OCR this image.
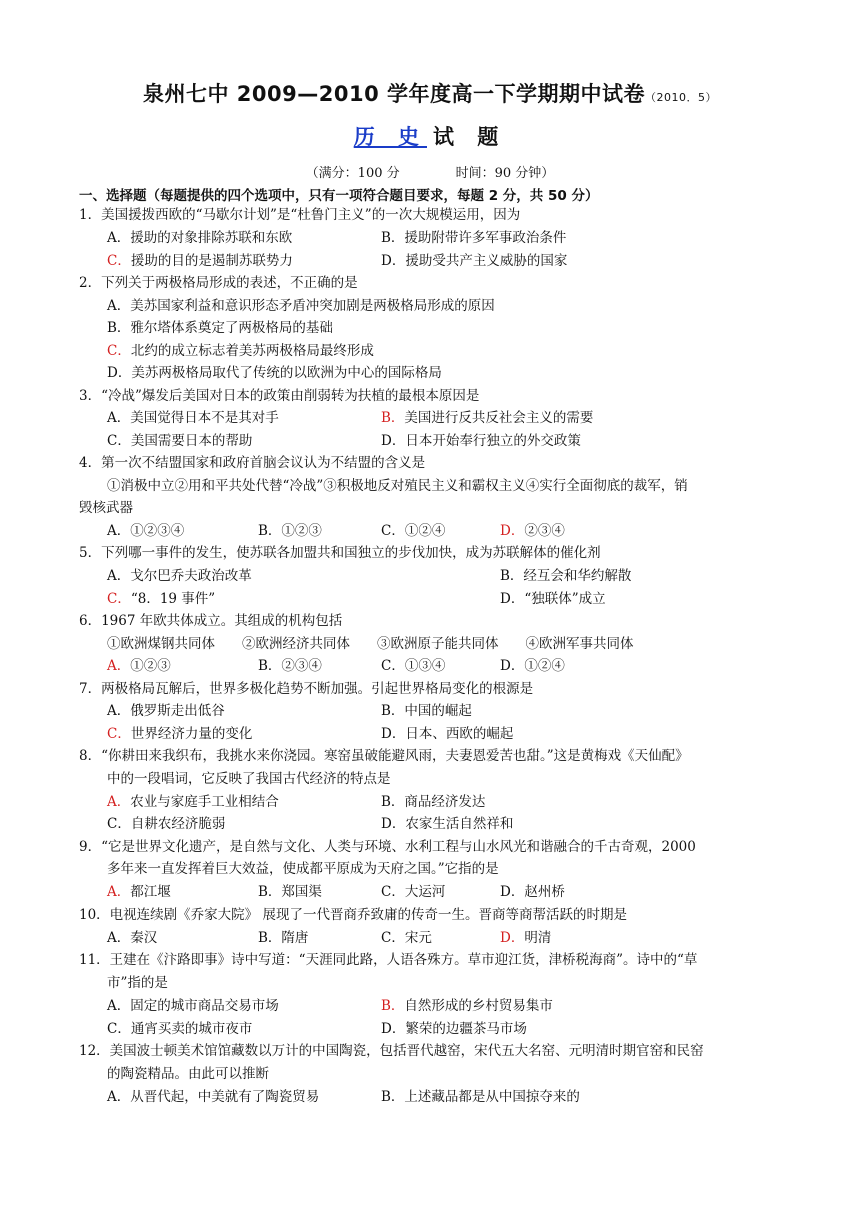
泉州七中 2009—2010 学年度高一下学期期中试卷（2010．5）
历 史 试 题
（满分：100 分	时间：90 分钟）
一、选择题（每题提供的四个选项中，只有一项符合题目要求，每题 2 分，共 50 分）
1．美国援拨西欧的“马歇尔计划”是“杜鲁门主义”的一次大规模运用，因为
A．援助的对象排除苏联和东欧	B．援助附带许多军事政治条件
C．援助的目的是遏制苏联势力	D．援助受共产主义威胁的国家
2．下列关于两极格局形成的表述，不正确的是
A．美苏国家利益和意识形态矛盾冲突加剧是两极格局形成的原因
B．雅尔塔体系奠定了两极格局的基础
C．北约的成立标志着美苏两极格局最终形成
D．美苏两极格局取代了传统的以欧洲为中心的国际格局
3．“冷战”爆发后美国对日本的政策由削弱转为扶植的最根本原因是
A．美国觉得日本不是其对手	B．美国进行反共反社会主义的需要
C．美国需要日本的帮助	D．日本开始奉行独立的外交政策
4．第一次不结盟国家和政府首脑会议认为不结盟的含义是
①消极中立②用和平共处代替“冷战”③积极地反对殖民主义和霸权主义④实行全面彻底的裁军，销
毁核武器
A．①②③④	B．①②③	C．①②④	D．②③④
5．下列哪一事件的发生，使苏联各加盟共和国独立的步伐加快，成为苏联解体的催化剂
A．戈尔巴乔夫政治改革	B．经互会和华约解散
C．“8．19 事件”	D．“独联体”成立
6．1967 年欧共体成立。其组成的机构包括
①欧洲煤钢共同体　　②欧洲经济共同体　　③欧洲原子能共同体　　④欧洲军事共同体
A．①②③	B．②③④	C．①③④	D．①②④
7．两极格局瓦解后，世界多极化趋势不断加强。引起世界格局变化的根源是
A．俄罗斯走出低谷	B．中国的崛起
C．世界经济力量的变化	D．日本、西欧的崛起
8．“你耕田来我织布，我挑水来你浇园。寒窑虽破能避风雨，夫妻恩爱苦也甜。”这是黄梅戏《天仙配》
中的一段唱词，它反映了我国古代经济的特点是
A．农业与家庭手工业相结合	B．商品经济发达
C．自耕农经济脆弱	D．农家生活自然祥和
9．“它是世界文化遗产，是自然与文化、人类与环境、水利工程与山水风光和谐融合的千古奇观，2000
多年来一直发挥着巨大效益，使成都平原成为天府之国。”它指的是
A．都江堰	B．郑国渠	C．大运河	D．赵州桥
10．电视连续剧《乔家大院》 展现了一代晋商乔致庸的传奇一生。晋商等商帮活跃的时期是
A．秦汉	B．隋唐	C．宋元	D．明清
11．王建在《汴路即事》诗中写道：“天涯同此路，人语各殊方。草市迎江货，津桥税海商”。诗中的“草
市”指的是
A．固定的城市商品交易市场	B．自然形成的乡村贸易集市
C．通宵买卖的城市夜市	D．繁荣的边疆茶马市场
12．美国波士顿美术馆馆藏数以万计的中国陶瓷，包括晋代越窑，宋代五大名窑、元明清时期官窑和民窑
的陶瓷精品。由此可以推断
A．从晋代起，中美就有了陶瓷贸易	B．上述藏品都是从中国掠夺来的
